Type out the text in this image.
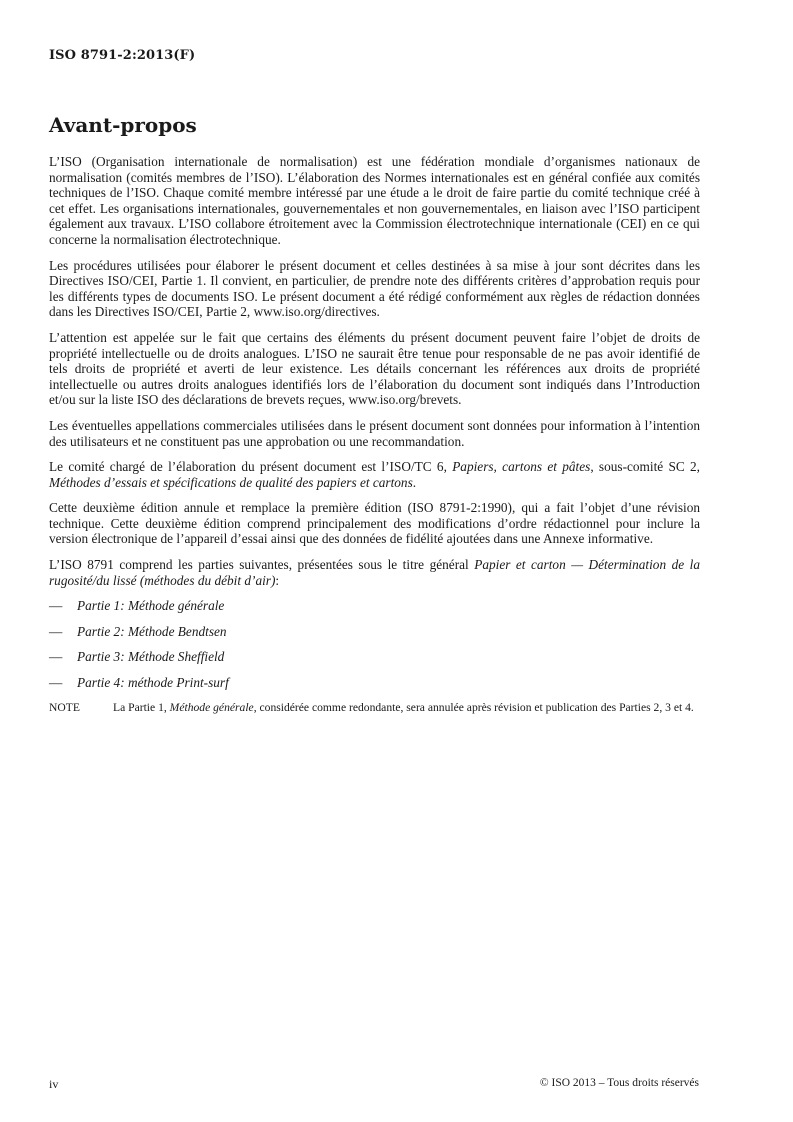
ISO 8791-2:2013(F)
Avant-propos

L’ISO (Organisation internationale de normalisation) est une fédération mondiale d’organismes nationaux de normalisation (comités membres de l’ISO). L’élaboration des Normes internationales est en général confiée aux comités techniques de l’ISO. Chaque comité membre intéressé par une étude a le droit de faire partie du comité technique créé à cet effet. Les organisations internationales, gouvernementales et non gouvernementales, en liaison avec l’ISO participent également aux travaux. L’ISO collabore étroitement avec la Commission électrotechnique internationale (CEI) en ce qui concerne la normalisation électrotechnique.

Les procédures utilisées pour élaborer le présent document et celles destinées à sa mise à jour sont décrites dans les Directives ISO/CEI, Partie 1. Il convient, en particulier, de prendre note des différents critères d’approbation requis pour les différents types de documents ISO. Le présent document a été rédigé conformément aux règles de rédaction données dans les Directives ISO/CEI, Partie 2, www.iso.org/directives.

L’attention est appelée sur le fait que certains des éléments du présent document peuvent faire l’objet de droits de propriété intellectuelle ou de droits analogues. L’ISO ne saurait être tenue pour responsable de ne pas avoir identifié de tels droits de propriété et averti de leur existence. Les détails concernant les références aux droits de propriété intellectuelle ou autres droits analogues identifiés lors de l’élaboration du document sont indiqués dans l’Introduction et/ou sur la liste ISO des déclarations de brevets reçues, www.iso.org/brevets.

Les éventuelles appellations commerciales utilisées dans le présent document sont données pour information à l’intention des utilisateurs et ne constituent pas une approbation ou une recommandation.

Le comité chargé de l’élaboration du présent document est l’ISO/TC 6, Papiers, cartons et pâtes, sous-comité SC 2, Méthodes d’essais et spécifications de qualité des papiers et cartons.

Cette deuxième édition annule et remplace la première édition (ISO 8791-2:1990), qui a fait l’objet d’une révision technique. Cette deuxième édition comprend principalement des modifications d’ordre rédactionnel pour inclure la version électronique de l’appareil d’essai ainsi que des données de fidélité ajoutées dans une Annexe informative.

L’ISO 8791 comprend les parties suivantes, présentées sous le titre général Papier et carton — Détermination de la rugosité/du lissé (méthodes du débit d’air):

—	Partie 1: Méthode générale
—	Partie 2: Méthode Bendtsen
—	Partie 3: Méthode Sheffield
—	Partie 4: méthode Print-surf
NOTE	La Partie 1, Méthode générale, considérée comme redondante, sera annulée après révision et publication des Parties 2, 3 et 4.
iv	© ISO 2013 – Tous droits réservés
